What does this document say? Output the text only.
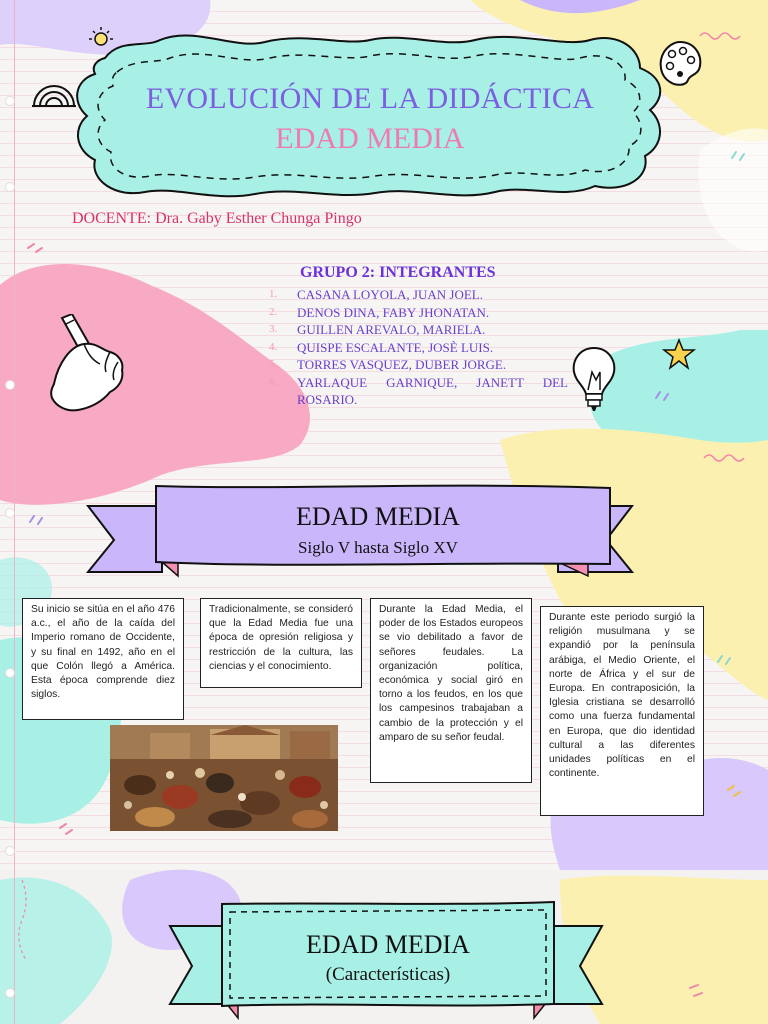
EVOLUCIÓN DE LA DIDÁCTICA
EDAD MEDIA
DOCENTE: Dra. Gaby Esther Chunga Pingo
GRUPO 2: INTEGRANTES
1.	CASANA LOYOLA, JUAN JOEL.
2.	DENOS DINA, FABY JHONATAN.
3.	GUILLEN AREVALO, MARIELA.
4.	QUISPE ESCALANTE, JOSÈ LUIS.
5.	TORRES VASQUEZ, DUBER JORGE.
6.	YARLAQUE GARNIQUE, JANETT DEL ROSARIO.
EDAD MEDIA
Siglo V hasta Siglo XV
Su inicio se sitúa en el año 476 a.c., el año de la caída del Imperio romano de Occidente, y su final en 1492, año en el que Colón llegó a América. Esta época comprende diez siglos.
Tradicionalmente, se consideró que la Edad Media fue una época de opresión religiosa y restricción de la cultura, las ciencias y el conocimiento.
Durante la Edad Media, el poder de los Estados europeos se vio debilitado a favor de señores feudales. La organización política, económica y social giró en torno a los feudos, en los que los campesinos trabajaban a cambio de la protección y el amparo de su señor feudal.
Durante este periodo surgió la religión musulmana y se expandió por la península arábiga, el Medio Oriente, el norte de África y el sur de Europa. En contraposición, la Iglesia cristiana se desarrolló como una fuerza fundamental en Europa, que dio identidad cultural a las diferentes unidades políticas en el continente.
EDAD MEDIA
(Características)
